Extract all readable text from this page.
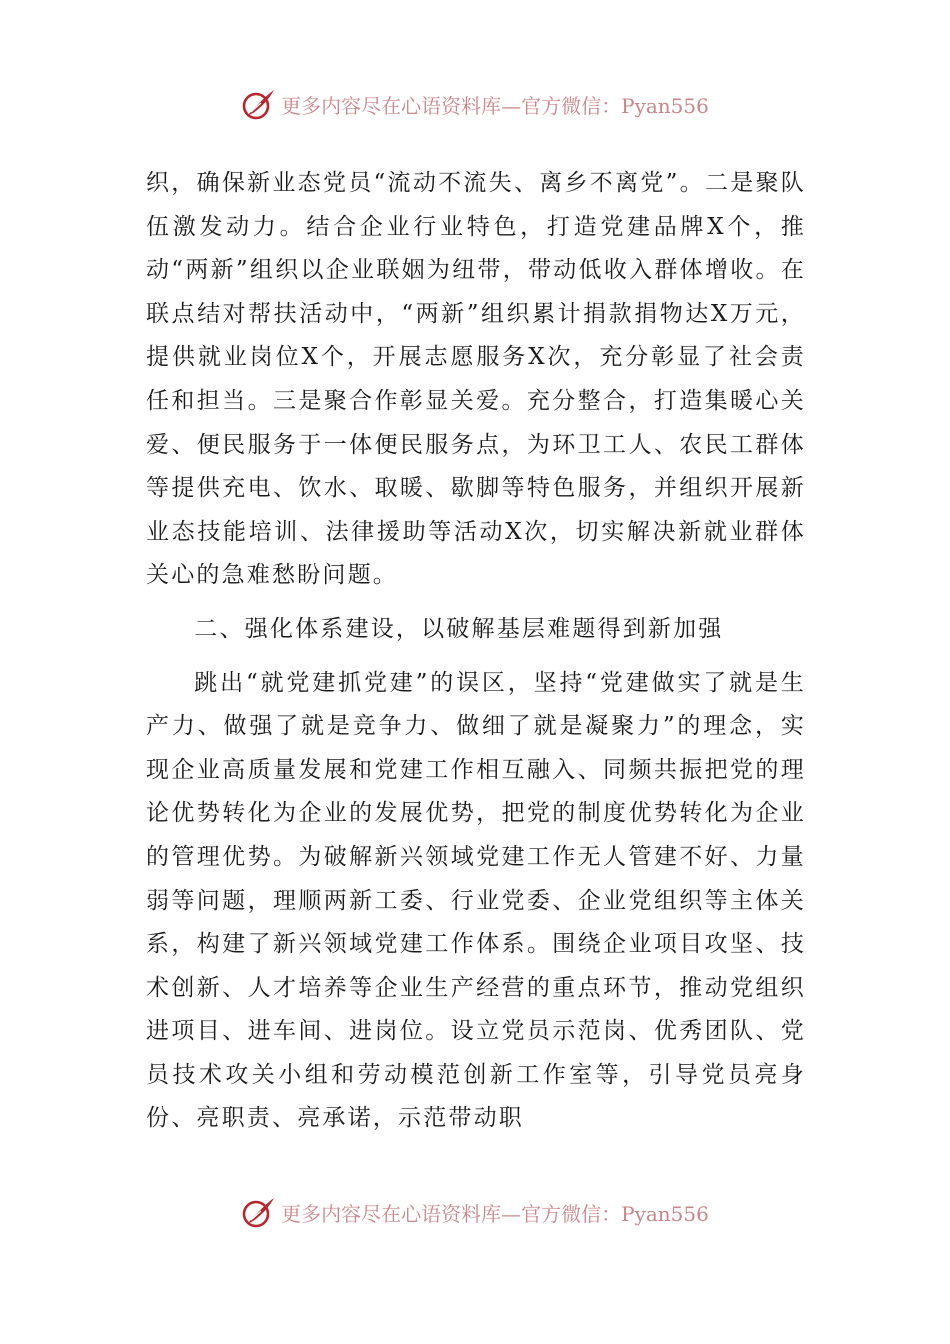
更多内容尽在心语资料库—官方微信：Pyan556

织，确保新业态党员“流动不流失、离乡不离党”。二是聚队伍激发动力。结合企业行业特色，打造党建品牌X个，推动“两新”组织以企业联姻为纽带，带动低收入群体增收。在联点结对帮扶活动中，“两新”组织累计捐款捐物达X万元，提供就业岗位X个，开展志愿服务X次，充分彰显了社会责任和担当。三是聚合作彰显关爱。充分整合，打造集暖心关爱、便民服务于一体便民服务点，为环卫工人、农民工群体等提供充电、饮水、取暖、歇脚等特色服务，并组织开展新业态技能培训、法律援助等活动X次，切实解决新就业群体关心的急难愁盼问题。

二、强化体系建设，以破解基层难题得到新加强

跳出“就党建抓党建”的误区，坚持“党建做实了就是生产力、做强了就是竞争力、做细了就是凝聚力”的理念，实现企业高质量发展和党建工作相互融入、同频共振把党的理论优势转化为企业的发展优势，把党的制度优势转化为企业的管理优势。为破解新兴领域党建工作无人管建不好、力量弱等问题，理顺两新工委、行业党委、企业党组织等主体关系，构建了新兴领域党建工作体系。围绕企业项目攻坚、技术创新、人才培养等企业生产经营的重点环节，推动党组织进项目、进车间、进岗位。设立党员示范岗、优秀团队、党员技术攻关小组和劳动模范创新工作室等，引导党员亮身份、亮职责、亮承诺，示范带动职

更多内容尽在心语资料库—官方微信：Pyan556
